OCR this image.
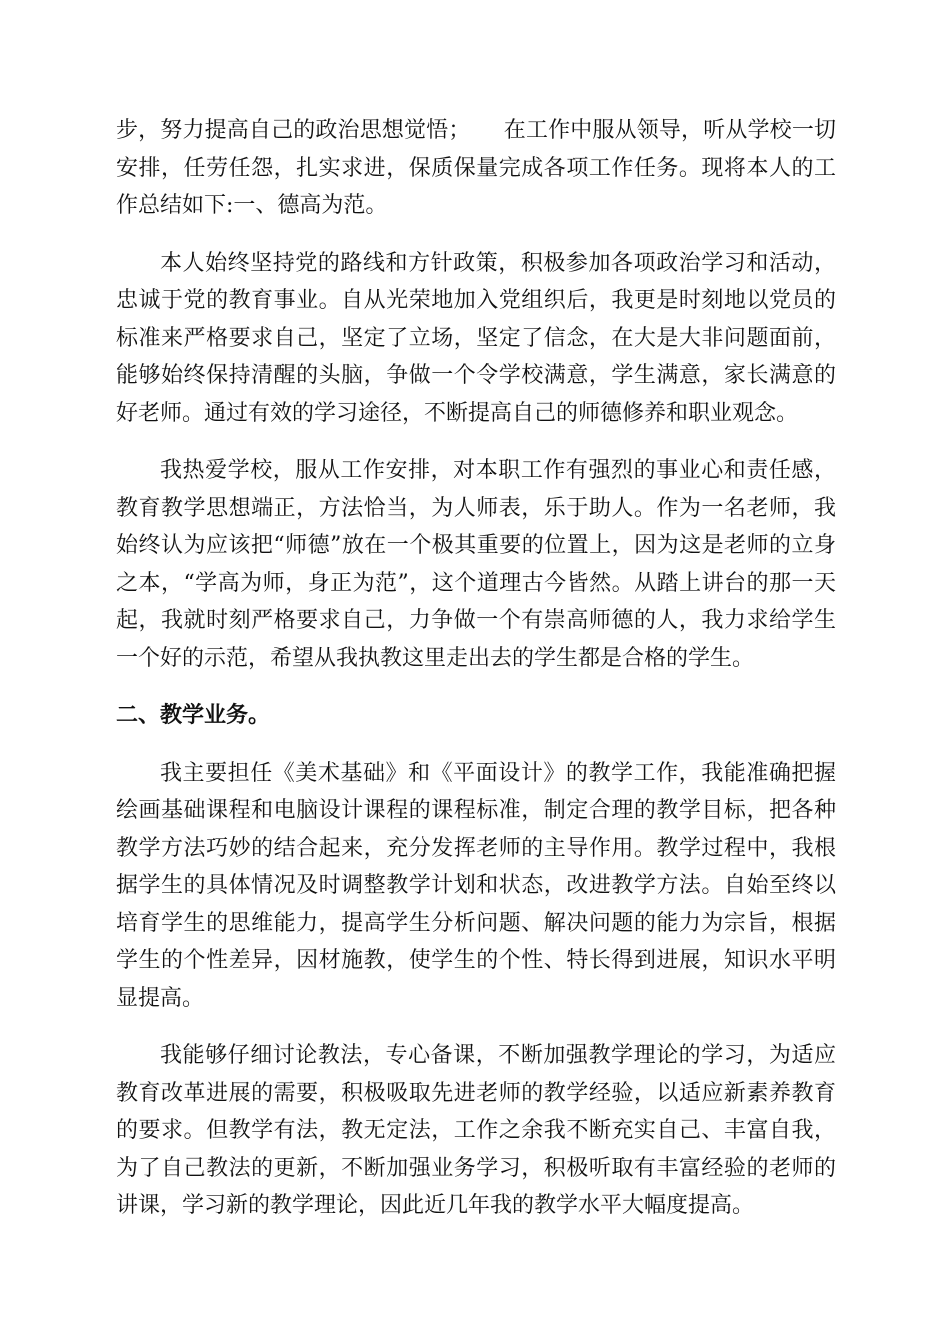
步，努力提高自己的政治思想觉悟；　　在工作中服从领导，听从学校一切安排，任劳任怨，扎实求进，保质保量完成各项工作任务。现将本人的工作总结如下:一、德高为范。

本人始终坚持党的路线和方针政策，积极参加各项政治学习和活动，忠诚于党的教育事业。自从光荣地加入党组织后，我更是时刻地以党员的标准来严格要求自己，坚定了立场，坚定了信念，在大是大非问题面前，能够始终保持清醒的头脑，争做一个令学校满意，学生满意，家长满意的好老师。通过有效的学习途径，不断提高自己的师德修养和职业观念。

我热爱学校，服从工作安排，对本职工作有强烈的事业心和责任感，教育教学思想端正，方法恰当，为人师表，乐于助人。作为一名老师，我始终认为应该把“师德”放在一个极其重要的位置上，因为这是老师的立身之本，“学高为师，身正为范”，这个道理古今皆然。从踏上讲台的那一天起，我就时刻严格要求自己，力争做一个有崇高师德的人，我力求给学生一个好的示范，希望从我执教这里走出去的学生都是合格的学生。

二、教学业务。

我主要担任《美术基础》和《平面设计》的教学工作，我能准确把握绘画基础课程和电脑设计课程的课程标准，制定合理的教学目标，把各种教学方法巧妙的结合起来，充分发挥老师的主导作用。教学过程中，我根据学生的具体情况及时调整教学计划和状态，改进教学方法。自始至终以培育学生的思维能力，提高学生分析问题、解决问题的能力为宗旨，根据学生的个性差异，因材施教，使学生的个性、特长得到进展，知识水平明显提高。

我能够仔细讨论教法，专心备课，不断加强教学理论的学习，为适应教育改革进展的需要，积极吸取先进老师的教学经验，以适应新素养教育的要求。但教学有法，教无定法，工作之余我不断充实自己、丰富自我，为了自己教法的更新，不断加强业务学习，积极听取有丰富经验的老师的讲课，学习新的教学理论，因此近几年我的教学水平大幅度提高。
